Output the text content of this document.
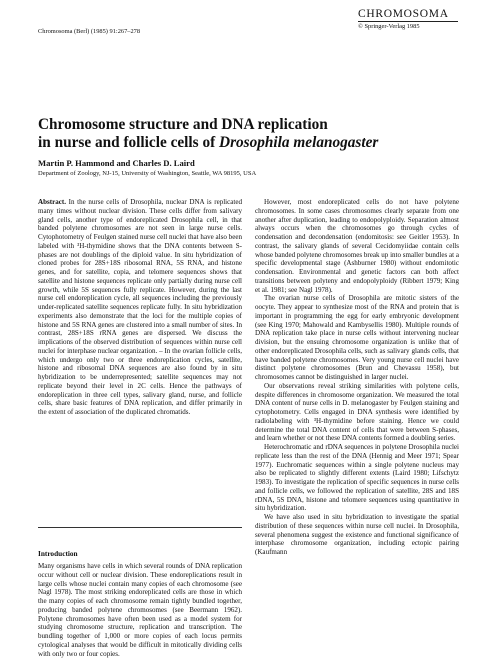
Chromosoma (Berl) (1985) 91:267–278
CHROMOSOMA
© Springer-Verlag 1985
Chromosome structure and DNA replication
in nurse and follicle cells of Drosophila melanogaster
Martin P. Hammond and Charles D. Laird
Department of Zoology, NJ-15, University of Washington, Seattle, WA 98195, USA

Abstract. In the nurse cells of Drosophila, nuclear DNA is replicated many times without nuclear division. These cells differ from salivary gland cells, another type of endoreplicated Drosophila cell, in that banded polytene chromosomes are not seen in large nurse cells. Cytophotometry of Feulgen stained nurse cell nuclei that have also been labeled with ³H-thymidine shows that the DNA contents between S-phases are not doublings of the diploid value. In situ hybridization of cloned probes for 28S+18S ribosomal RNA, 5S RNA, and histone genes, and for satellite, copia, and telomere sequences shows that satellite and histone sequences replicate only partially during nurse cell growth, while 5S sequences fully replicate. However, during the last nurse cell endoreplication cycle, all sequences including the previously under-replicated satellite sequences replicate fully. In situ hybridization experiments also demonstrate that the loci for the multiple copies of histone and 5S RNA genes are clustered into a small number of sites. In contrast, 28S+18S rRNA genes are dispersed. We discuss the implications of the observed distribution of sequences within nurse cell nuclei for interphase nuclear organization. – In the ovarian follicle cells, which undergo only two or three endoreplication cycles, satellite, histone and ribosomal DNA sequences are also found by in situ hybridization to be underrepresented; satellite sequences may not replicate beyond their level in 2C cells. Hence the pathways of endoreplication in three cell types, salivary gland, nurse, and follicle cells, share basic features of DNA replication, and differ primarily in the extent of association of the duplicated chromatids.

Introduction

Many organisms have cells in which several rounds of DNA replication occur without cell or nuclear division. These endoreplications result in large cells whose nuclei contain many copies of each chromosome (see Nagl 1978). The most striking endoreplicated cells are those in which the many copies of each chromosome remain tightly bundled together, producing banded polytene chromosomes (see Beermann 1962). Polytene chromosomes have often been used as a model system for studying chromosome structure, replication and transcription. The bundling together of 1,000 or more copies of each locus permits cytological analyses that would be difficult in mitotically dividing cells with only two or four copies.

However, most endoreplicated cells do not have polytene chromosomes. In some cases chromosomes clearly separate from one another after duplication, leading to endopolyploidy. Separation almost always occurs when the chromosomes go through cycles of condensation and decondensation (endomitosis: see Geitler 1953). In contrast, the salivary glands of several Cecidomyiidae contain cells whose banded polytene chromosomes break up into smaller bundles at a specific developmental stage (Ashburner 1980) without endomitotic condensation. Environmental and genetic factors can both affect transitions between polyteny and endopolyploidy (Ribbert 1979; King et al. 1981; see Nagl 1978).

The ovarian nurse cells of Drosophila are mitotic sisters of the oocyte. They appear to synthesize most of the RNA and protein that is important in programming the egg for early embryonic development (see King 1970; Mahowald and Kambysellis 1980). Multiple rounds of DNA replication take place in nurse cells without intervening nuclear division, but the ensuing chromosome organization is unlike that of other endoreplicated Drosophila cells, such as salivary glands cells, that have banded polytene chromosomes. Very young nurse cell nuclei have distinct polytene chromosomes (Brun and Chevassu 1958), but chromosomes cannot be distinguished in larger nuclei.

Our observations reveal striking similarities with polytene cells, despite differences in chromosome organization. We measured the total DNA content of nurse cells in D. melanogaster by Feulgen staining and cytophotometry. Cells engaged in DNA synthesis were identified by radiolabeling with ³H-thymidine before staining. Hence we could determine the total DNA content of cells that were between S-phases, and learn whether or not these DNA contents formed a doubling series.

Heterochromatic and rDNA sequences in polytene Drosophila nuclei replicate less than the rest of the DNA (Hennig and Meer 1971; Spear 1977). Euchromatic sequences within a single polytene nucleus may also be replicated to slightly different extents (Laird 1980; Lifschytz 1983). To investigate the replication of specific sequences in nurse cells and follicle cells, we followed the replication of satellite, 28S and 18S rDNA, 5S DNA, histone and telomere sequences using quantitative in situ hybridization.

We have also used in situ hybridization to investigate the spatial distribution of these sequences within nurse cell nuclei. In Drosophila, several phenomena suggest the existence and functional significance of interphase chromosome organization, including ectopic pairing (Kaufmann
